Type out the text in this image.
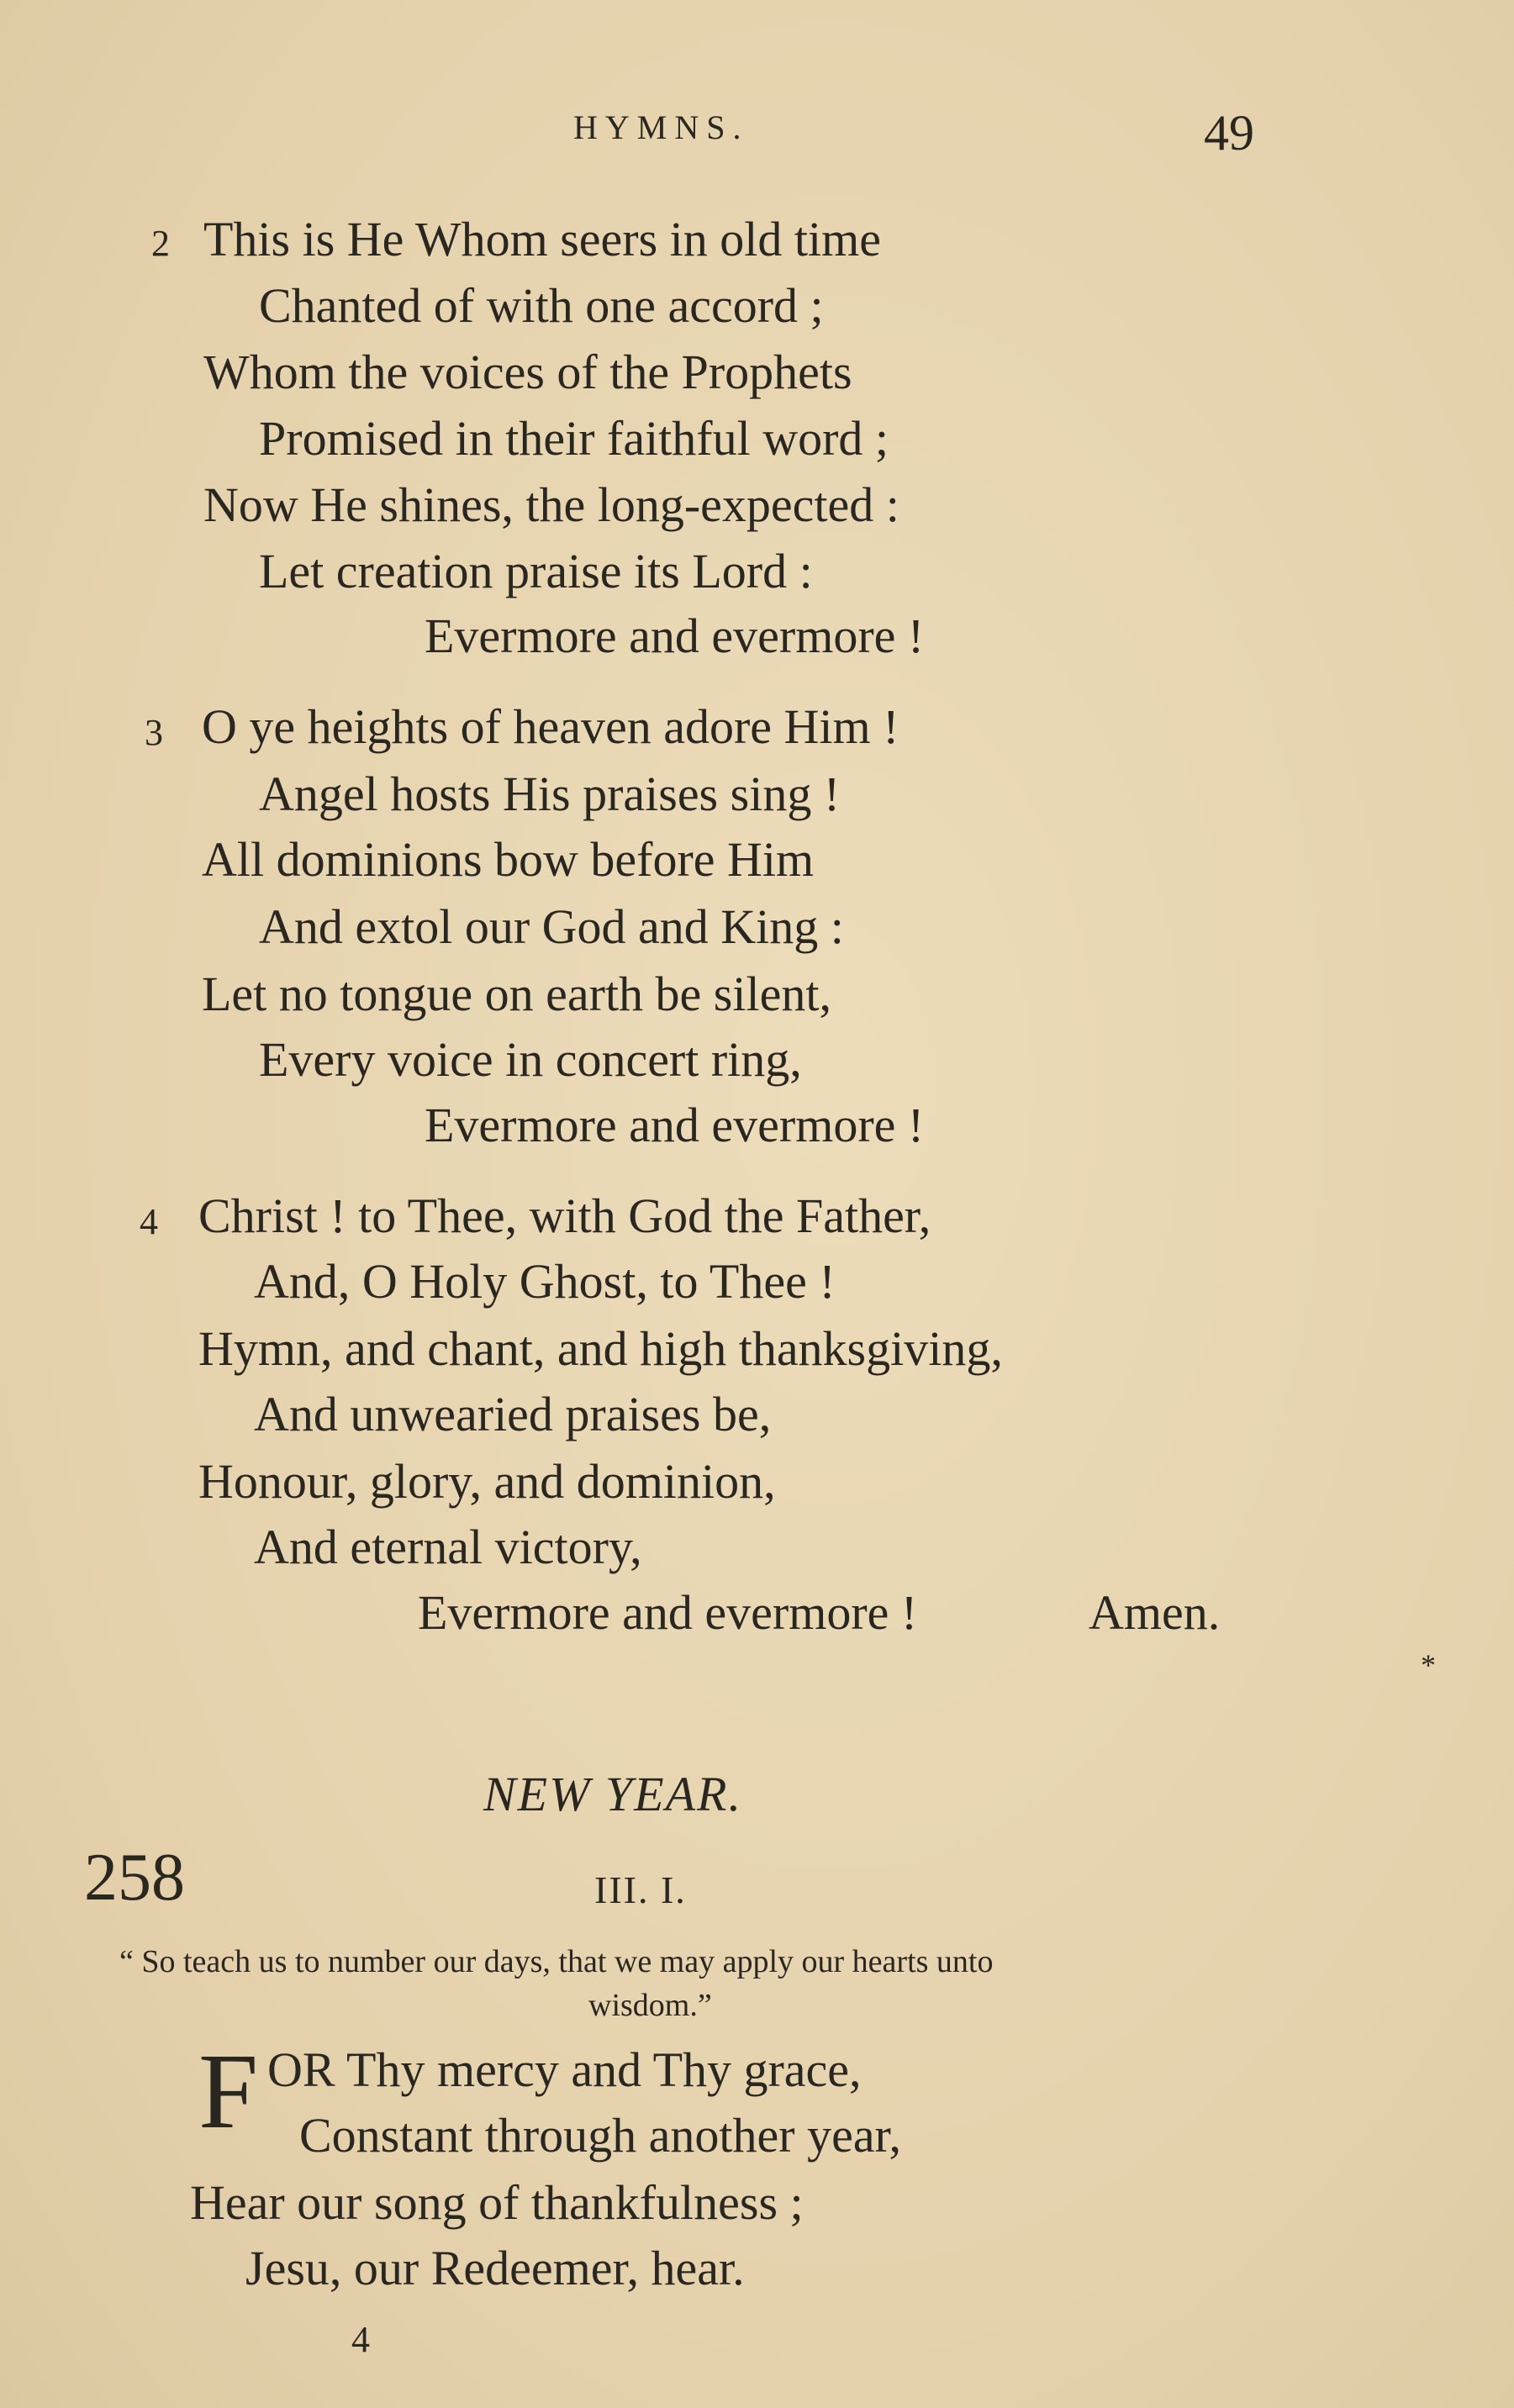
HYMNS.	49
2 This is He Whom seers in old time
Chanted of with one accord ;
Whom the voices of the Prophets
Promised in their faithful word ;
Now He shines, the long-expected :
Let creation praise its Lord :
Evermore and evermore !
3 O ye heights of heaven adore Him !
Angel hosts His praises sing !
All dominions bow before Him
And extol our God and King :
Let no tongue on earth be silent,
Every voice in concert ring,
Evermore and evermore !
4 Christ ! to Thee, with God the Father,
And, O Holy Ghost, to Thee !
Hymn, and chant, and high thanksgiving,
And unwearied praises be,
Honour, glory, and dominion,
And eternal victory,
Evermore and evermore !	Amen.
*
NEW YEAR.
258	III. I.
“ So teach us to number our days, that we may apply our hearts unto
wisdom.”
F OR Thy mercy and Thy grace,
Constant through another year,
Hear our song of thankfulness ;
Jesu, our Redeemer, hear.
4
